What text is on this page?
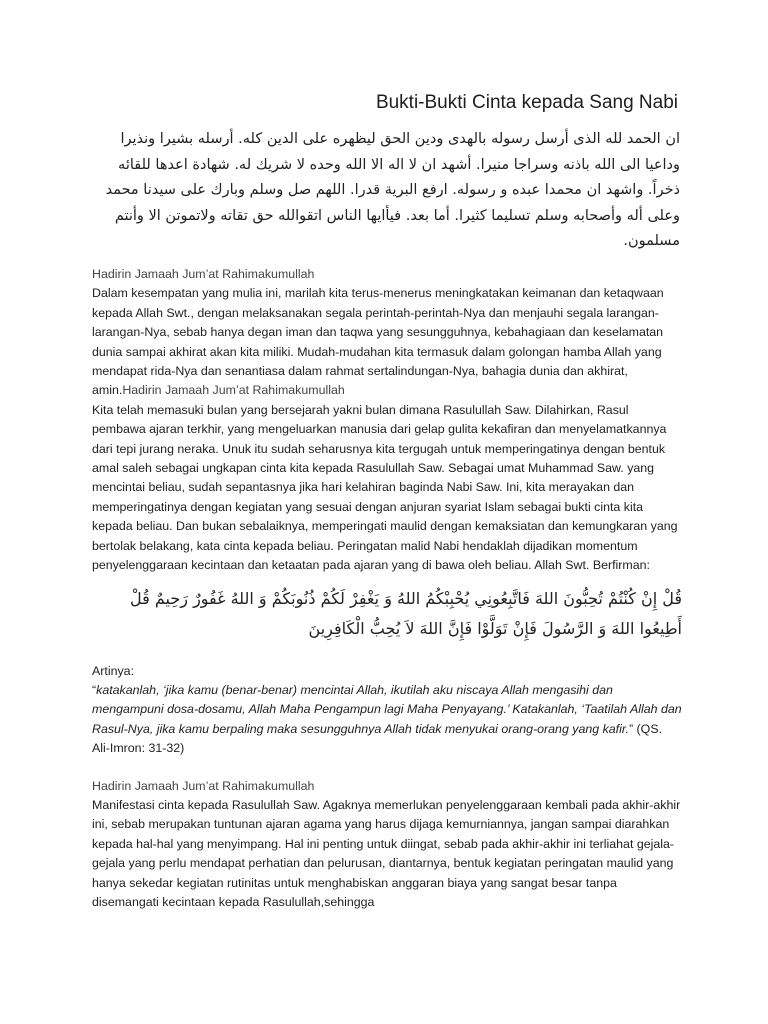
Bukti-Bukti Cinta kepada Sang Nabi
ان الحمد لله الذى أرسل رسوله بالهدى ودين الحق ليظهره على الدين كله. أرسله بشيرا ونذيرا وداعيا الى الله باذنه وسراجا منيرا. أشهد ان لا اله الا الله وحده لا شريك له. شهادة اعدها للقائه ذخراً. واشهد ان محمدا عبده و رسوله. ارفع البرية قدرا. اللهم صل وسلم وبارك على سيدنا محمد وعلى أله وأصحابه وسلم تسليما كثيرا. أما بعد. فيأايها الناس اتقوالله حق تقاته ولاتموتن الا وأنتم مسلمون.

Hadirin Jamaah Jum’at Rahimakumullah

Dalam kesempatan yang mulia ini, marilah kita terus-menerus meningkatakan keimanan dan ketaqwaan kepada Allah Swt., dengan melaksanakan segala perintah-perintah-Nya dan menjauhi segala larangan-larangan-Nya, sebab hanya degan iman dan taqwa yang sesungguhnya, kebahagiaan dan keselamatan dunia sampai akhirat akan kita miliki. Mudah-mudahan kita termasuk dalam golongan hamba Allah yang mendapat rida-Nya dan senantiasa dalam rahmat sertalindungan-Nya, bahagia dunia dan akhirat, amin.Hadirin Jamaah Jum’at Rahimakumullah

Kita telah memasuki bulan yang bersejarah yakni bulan dimana Rasulullah Saw. Dilahirkan, Rasul pembawa ajaran terkhir, yang mengeluarkan manusia dari gelap gulita kekafiran dan menyelamatkannya dari tepi jurang neraka. Unuk itu sudah seharusnya kita tergugah untuk memperingatinya dengan bentuk amal saleh sebagai ungkapan cinta kita kepada Rasulullah Saw. Sebagai umat Muhammad Saw. yang mencintai beliau, sudah sepantasnya jika hari kelahiran baginda Nabi Saw. Ini, kita merayakan dan memperingatinya dengan kegiatan yang sesuai dengan anjuran syariat Islam sebagai bukti cinta kita kepada beliau. Dan bukan sebalaiknya, memperingati maulid dengan kemaksiatan dan kemungkaran yang bertolak belakang, kata cinta kepada beliau. Peringatan malid Nabi hendaklah dijadikan momentum penyelenggaraan kecintaan dan ketaatan pada ajaran yang di bawa oleh beliau. Allah Swt. Berfirman:

قُلْ إِنْ كُنْتُمْ تُحِبُّونَ اللهَ فَاتَّبِعُونِي يُحْبِبْكُمُ اللهُ وَ يَغْفِرْ لَكُمْ ذُنُوبَكُمْ وَ اللهُ غَفُورٌ رَحِيمٌ قُلْ أَطِيعُوا اللهَ وَ الرَّسُولَ فَإِنْ تَوَلَّوْا فَإِنَّ اللهَ لاَ يُحِبُّ الْكَافِرِينَ

Artinya:

“katakanlah, ‘jika kamu (benar-benar) mencintai Allah, ikutilah aku niscaya Allah mengasihi dan mengampuni dosa-dosamu, Allah Maha Pengampun lagi Maha Penyayang.’ Katakanlah, ‘Taatilah Allah dan Rasul-Nya, jika kamu berpaling maka sesungguhnya Allah tidak menyukai orang-orang yang kafir.” (QS. Ali-Imron: 31-32)

Hadirin Jamaah Jum’at Rahimakumullah

Manifestasi cinta kepada Rasulullah Saw. Agaknya memerlukan penyelenggaraan kembali pada akhir-akhir ini, sebab merupakan tuntunan ajaran agama yang harus dijaga kemurniannya, jangan sampai diarahkan kepada hal-hal yang menyimpang. Hal ini penting untuk diingat, sebab pada akhir-akhir ini terliahat gejala-gejala yang perlu mendapat perhatian dan pelurusan, diantarnya, bentuk kegiatan peringatan maulid yang hanya sekedar kegiatan rutinitas untuk menghabiskan anggaran biaya yang sangat besar tanpa disemangati kecintaan kepada Rasulullah,sehingga
